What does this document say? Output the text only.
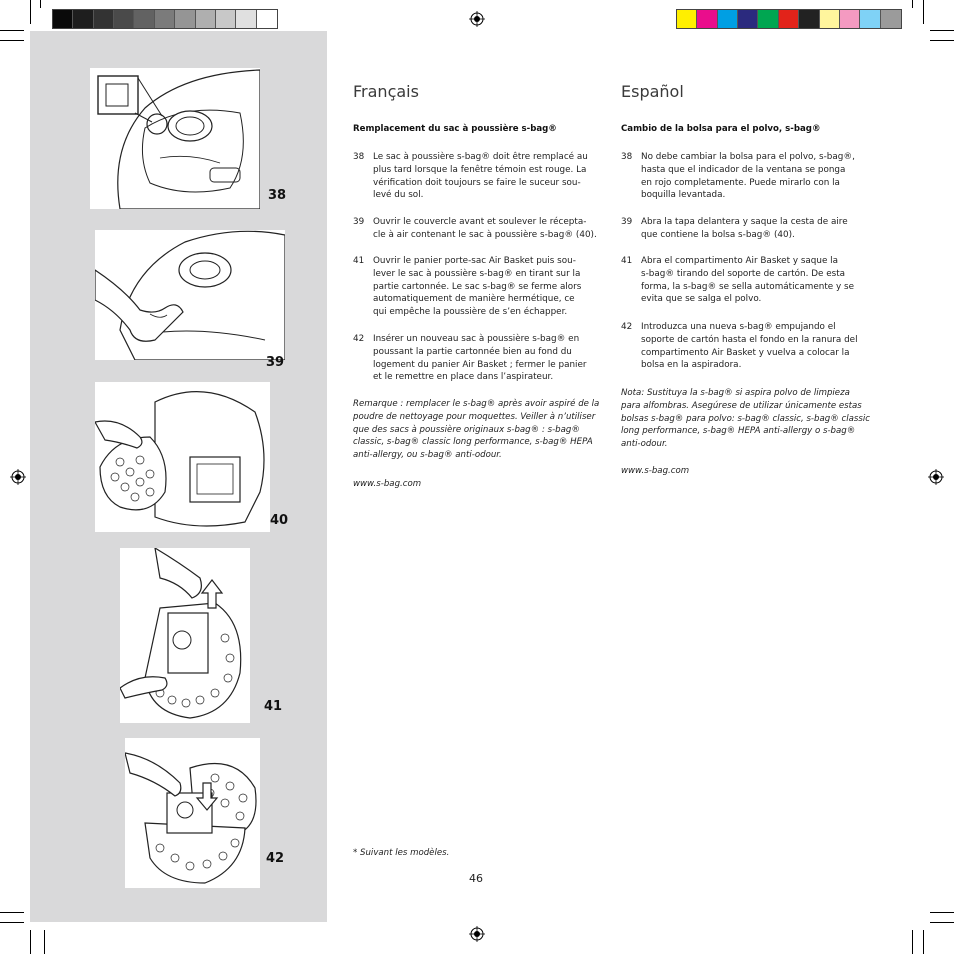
38
39
40
41
42
Français
Remplacement du sac à poussière s-bag®
38 Le sac à poussière s-bag® doit être remplacé au
plus tard lorsque la fenêtre témoin est rouge. La
vérification doit toujours se faire le suceur sou-
levé du sol.
39 Ouvrir le couvercle avant et soulever le récepta-
cle à air contenant le sac à poussière s-bag® (40).
41 Ouvrir le panier porte-sac Air Basket puis sou-
lever le sac à poussière s-bag® en tirant sur la
partie cartonnée. Le sac s-bag® se ferme alors
automatiquement de manière hermétique, ce
qui empêche la poussière de s’en échapper.
42 Insérer un nouveau sac à poussière s-bag® en
poussant la partie cartonnée bien au fond du
logement du panier Air Basket ; fermer le panier
et le remettre en place dans l’aspirateur.
Remarque : remplacer le s-bag® après avoir aspiré de la
poudre de nettoyage pour moquettes. Veiller à n’utiliser
que des sacs à poussière originaux s-bag® : s-bag®
classic, s-bag® classic long performance, s-bag® HEPA
anti-allergy, ou s-bag® anti-odour.
www.s-bag.com
* Suivant les modèles.
Español
Cambio de la bolsa para el polvo, s-bag®
38 No debe cambiar la bolsa para el polvo, s-bag®,
hasta que el indicador de la ventana se ponga
en rojo completamente. Puede mirarlo con la
boquilla levantada.
39 Abra la tapa delantera y saque la cesta de aire
que contiene la bolsa s-bag® (40).
41 Abra el compartimento Air Basket y saque la
s-bag® tirando del soporte de cartón. De esta
forma, la s-bag® se sella automáticamente y se
evita que se salga el polvo.
42 Introduzca una nueva s-bag® empujando el
soporte de cartón hasta el fondo en la ranura del
compartimento Air Basket y vuelva a colocar la
bolsa en la aspiradora.
Nota: Sustituya la s-bag® si aspira polvo de limpieza
para alfombras. Asegúrese de utilizar únicamente estas
bolsas s-bag® para polvo: s-bag® classic, s-bag® classic
long performance, s-bag® HEPA anti-allergy o s-bag®
anti-odour.
www.s-bag.com
46
